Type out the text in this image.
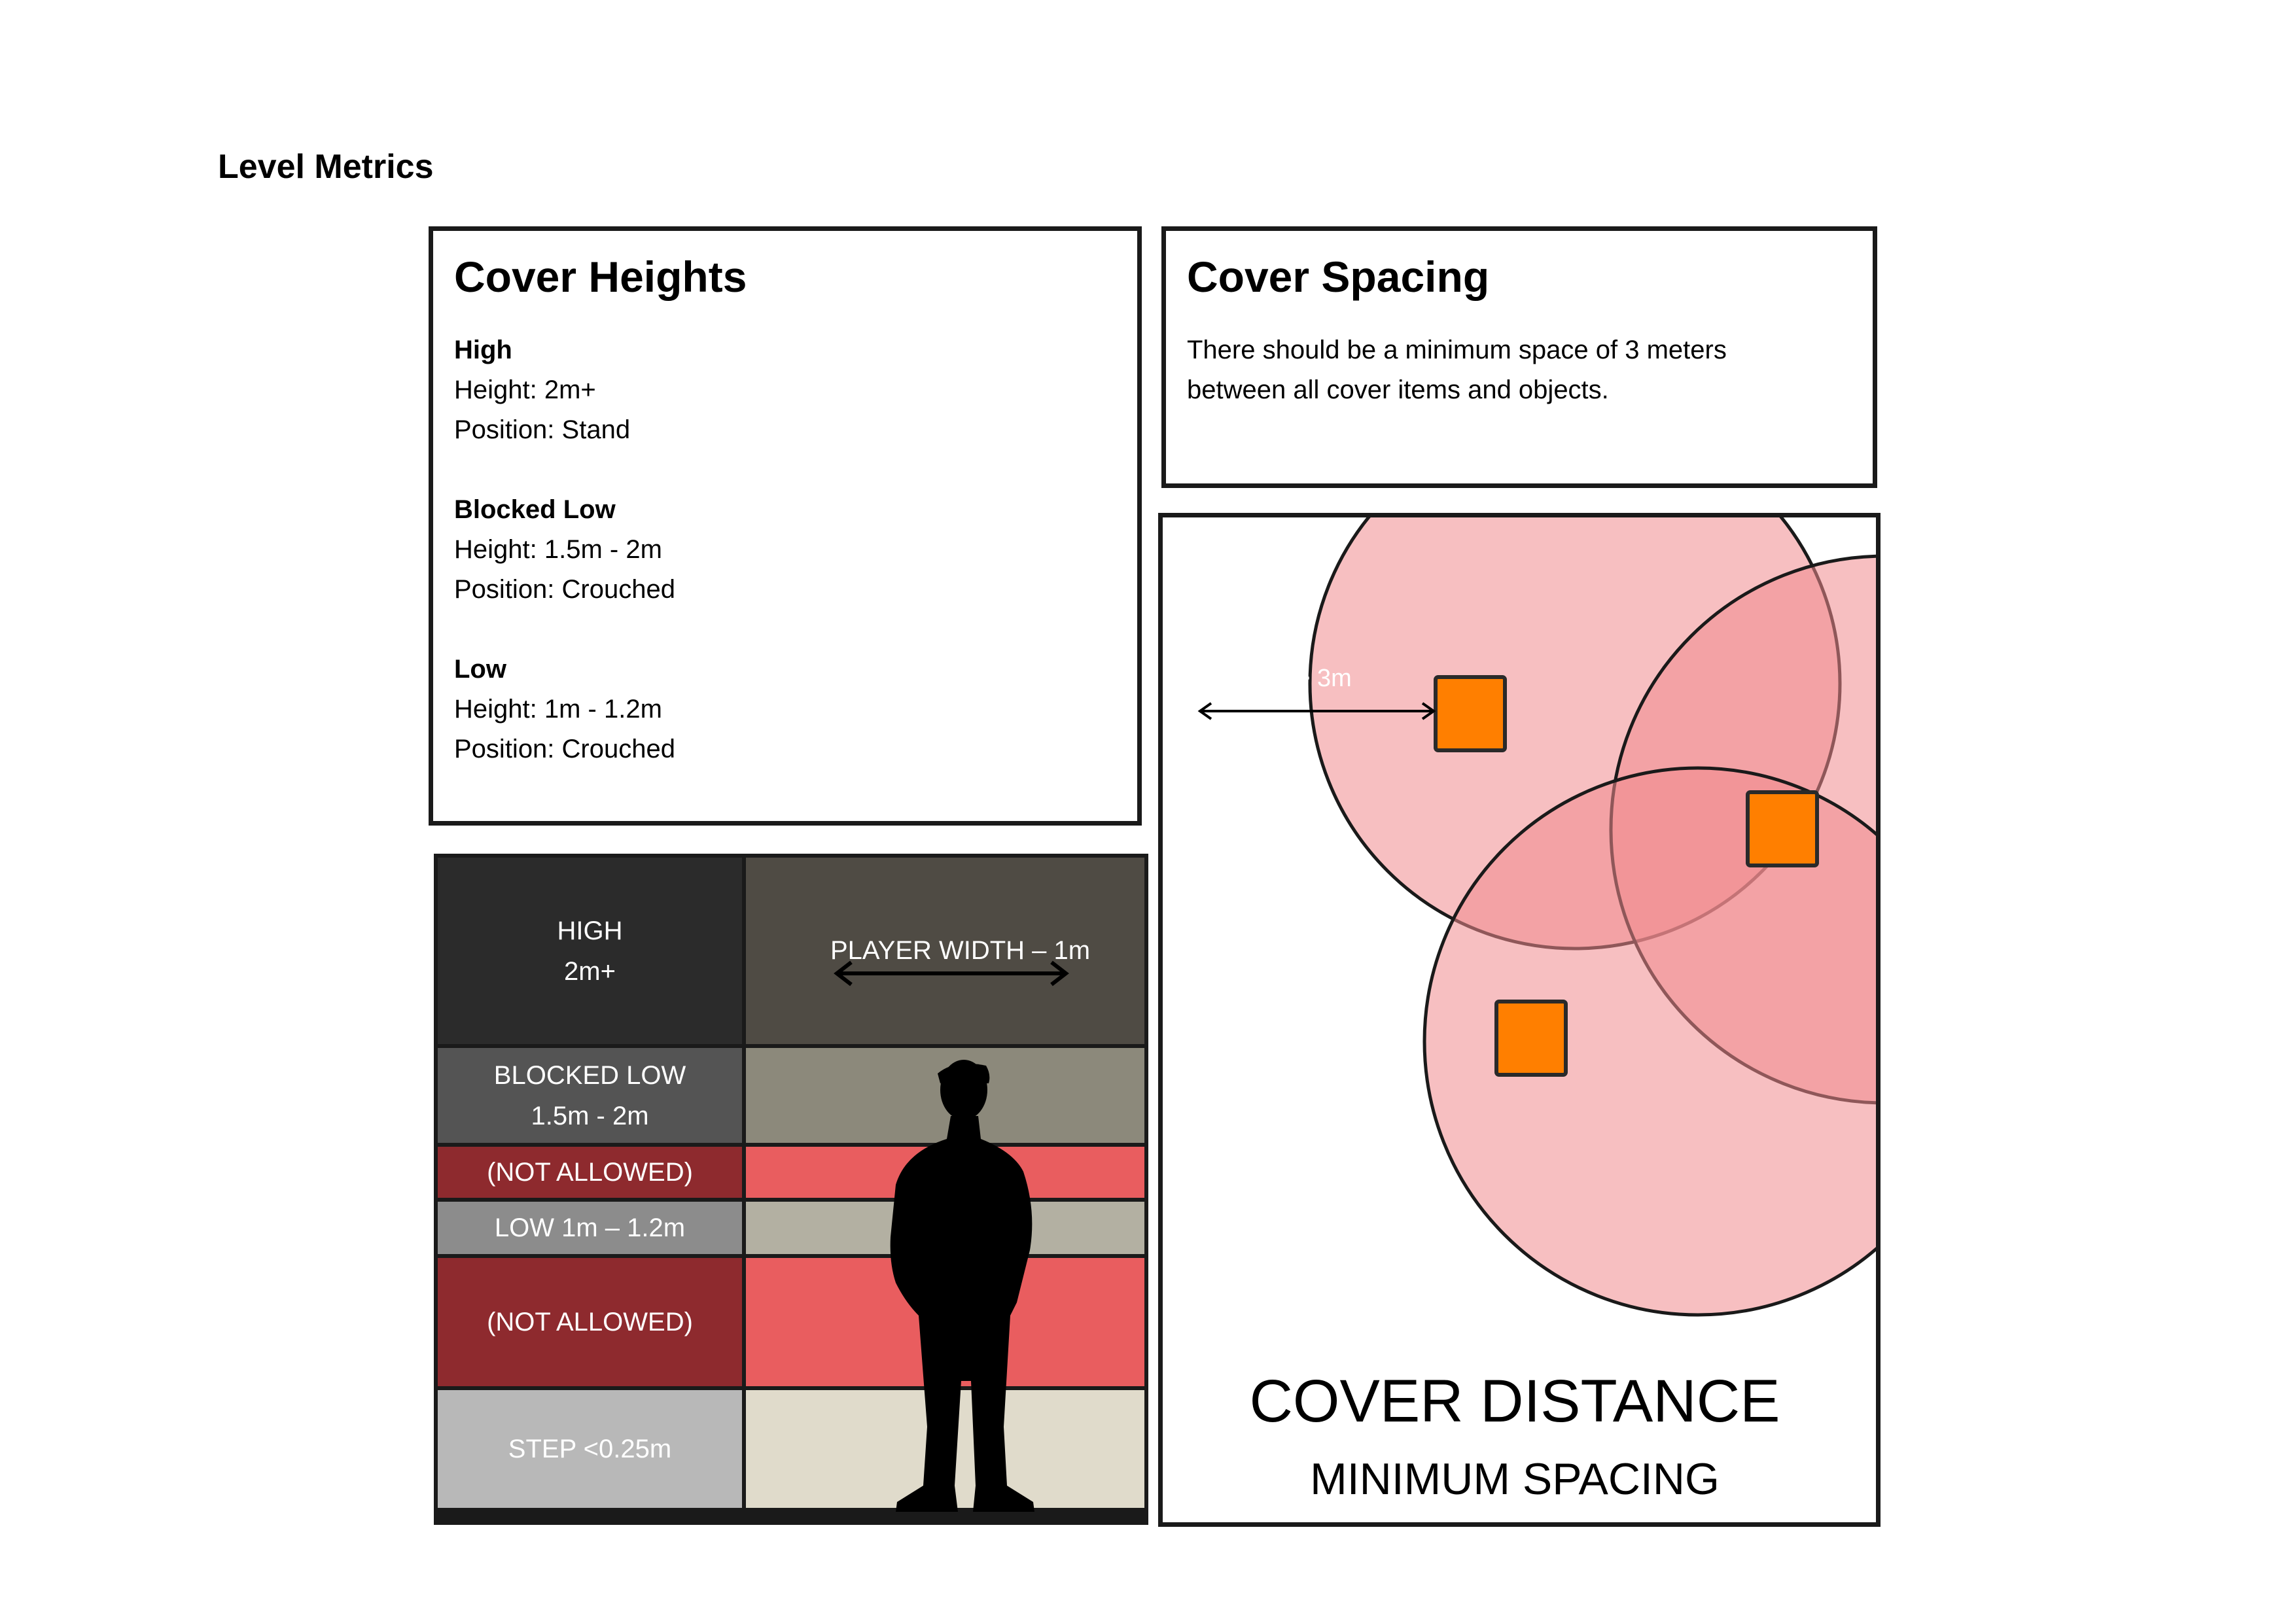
Level Metrics
Cover Heights
High
Height: 2m+
Position: Stand
Blocked Low
Height: 1.5m - 2m
Position: Crouched
Low
Height: 1m - 1.2m
Position: Crouched
Cover Spacing
There should be a minimum space of 3 meters
between all cover items and objects.
HIGH
2m+
BLOCKED LOW
1.5m - 2m
(NOT ALLOWED)
LOW 1m – 1.2m
(NOT ALLOWED)
STEP <0.25m
PLAYER WIDTH – 1m
> 3m
COVER DISTANCE
MINIMUM SPACING
